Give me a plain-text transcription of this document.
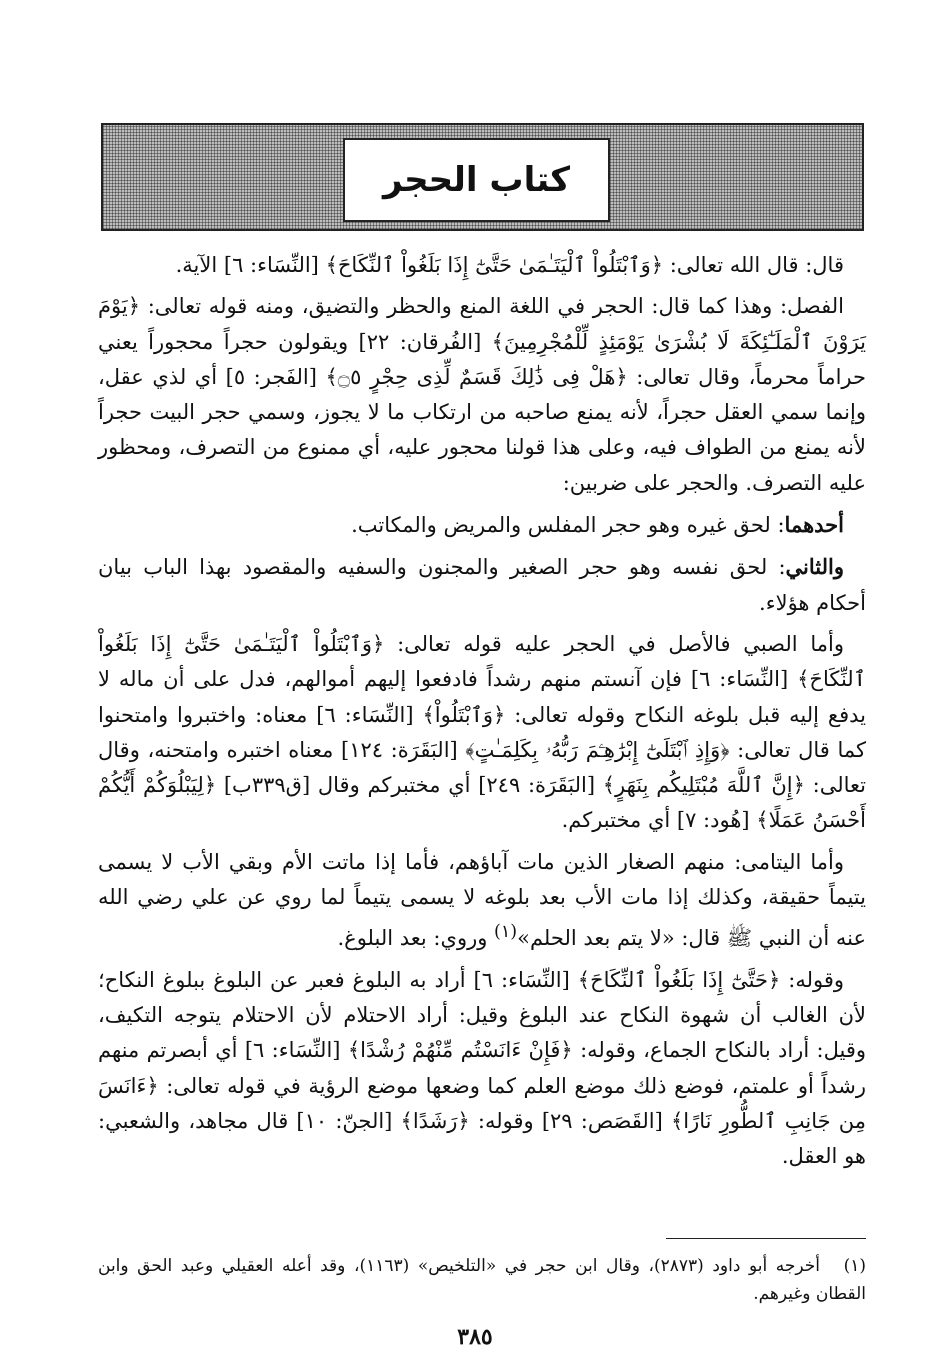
كتاب الحجر

قال: قال الله تعالى: ﴿وَٱبْتَلُواْ ٱلْيَتَـٰمَىٰ حَتَّىٰٓ إِذَا بَلَغُواْ ٱلنِّكَاحَ﴾ [النِّسَاء: ٦] الآية.

الفصل: وهذا كما قال: الحجر في اللغة المنع والحظر والتضيق، ومنه قوله تعالى: ﴿يَوْمَ يَرَوْنَ ٱلْمَلَـٰٓئِكَةَ لَا بُشْرَىٰ يَوْمَئِذٍ لِّلْمُجْرِمِينَ﴾ [الفُرقان: ٢٢] ويقولون حجراً محجوراً يعني حراماً محرماً، وقال تعالى: ﴿هَلْ فِى ذَٰلِكَ قَسَمٌ لِّذِى حِجْرٍ ۝٥﴾ [الفَجر: ٥] أي لذي عقل، وإنما سمي العقل حجراً، لأنه يمنع صاحبه من ارتكاب ما لا يجوز، وسمي حجر البيت حجراً لأنه يمنع من الطواف فيه، وعلى هذا قولنا محجور عليه، أي ممنوع من التصرف، ومحظور عليه التصرف. والحجر على ضربين:

أحدهما: لحق غيره وهو حجر المفلس والمريض والمكاتب.

والثاني: لحق نفسه وهو حجر الصغير والمجنون والسفيه والمقصود بهذا الباب بيان أحكام هؤلاء.

وأما الصبي فالأصل في الحجر عليه قوله تعالى: ﴿وَٱبْتَلُواْ ٱلْيَتَـٰمَىٰ حَتَّىٰٓ إِذَا بَلَغُواْ ٱلنِّكَاحَ﴾ [النِّسَاء: ٦] فإن آنستم منهم رشداً فادفعوا إليهم أموالهم، فدل على أن ماله لا يدفع إليه قبل بلوغه النكاح وقوله تعالى: ﴿وَٱبْتَلُواْ﴾ [النِّسَاء: ٦] معناه: واختبروا وامتحنوا كما قال تعالى: ﴿وَإِذِ ٱبْتَلَىٰٓ إِبْرَٰهِـۧمَ رَبُّهُۥ بِكَلِمَـٰتٍ﴾ [البَقَرَة: ١٢٤] معناه اختبره وامتحنه، وقال تعالى: ﴿إِنَّ ٱللَّهَ مُبْتَلِيكُم بِنَهَرٍ﴾ [البَقَرَة: ٢٤٩] أي مختبركم وقال [ق٣٣٩ب] ﴿لِيَبْلُوَكُمْ أَيُّكُمْ أَحْسَنُ عَمَلًا﴾ [هُود: ٧] أي مختبركم.

وأما اليتامى: منهم الصغار الذين مات آباؤهم، فأما إذا ماتت الأم وبقي الأب لا يسمى يتيماً حقيقة، وكذلك إذا مات الأب بعد بلوغه لا يسمى يتيماً لما روي عن علي رضي الله عنه أن النبي ﷺ قال: «لا يتم بعد الحلم»$^{(١)}$ وروي: بعد البلوغ.

وقوله: ﴿حَتَّىٰٓ إِذَا بَلَغُواْ ٱلنِّكَاحَ﴾ [النِّسَاء: ٦] أراد به البلوغ فعبر عن البلوغ ببلوغ النكاح؛ لأن الغالب أن شهوة النكاح عند البلوغ وقيل: أراد الاحتلام لأن الاحتلام يتوجه التكيف، وقيل: أراد بالنكاح الجماع، وقوله: ﴿فَإِنْ ءَانَسْتُم مِّنْهُمْ رُشْدًا﴾ [النِّسَاء: ٦] أي أبصرتم منهم رشداً أو علمتم، فوضع ذلك موضع العلم كما وضعها موضع الرؤية في قوله تعالى: ﴿ءَانَسَ مِن جَانِبِ ٱلطُّورِ نَارًا﴾ [القَصَص: ٢٩] وقوله: ﴿رَشَدًا﴾ [الجنّ: ١٠] قال مجاهد، والشعبي: هو العقل.

(١)أخرجه أبو داود (٢٨٧٣)، وقال ابن حجر في «التلخيص» (١١٦٣)، وقد أعله العقيلي وعبد الحق وابن القطان وغيرهم.
٣٨٥
